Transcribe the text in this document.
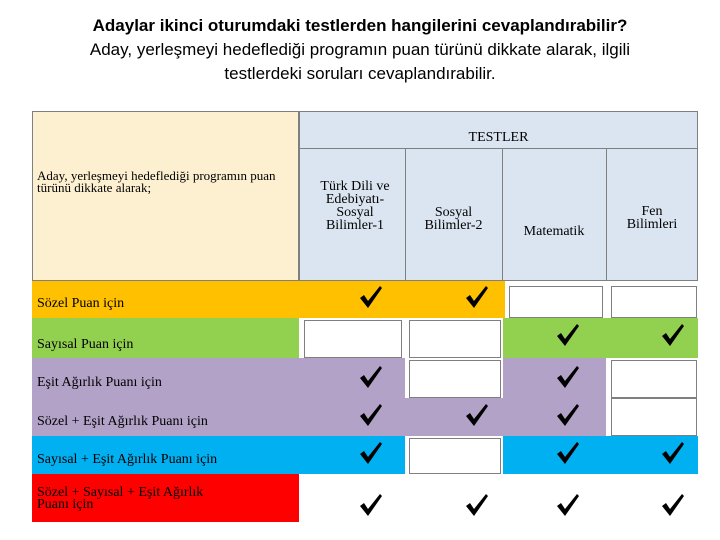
Adaylar ikinci oturumdaki testlerden hangilerini cevaplandırabilir?
Aday, yerleşmeyi hedeflediği programın puan türünü dikkate alarak, ilgili
testlerdeki soruları cevaplandırabilir.
Aday, yerleşmeyi hedeflediği programın puan türünü dikkate alarak;
TESTLER
Türk Dili ve
Edebiyatı-
Sosyal
Bilimler-1
Sosyal
Bilimler-2	Matematik
Fen
Bilimleri
Sözel Puan için
Sayısal Puan için
Eşit Ağırlık Puanı için
Sözel + Eşit Ağırlık Puanı için
Sayısal + Eşit Ağırlık Puanı için
Sözel + Sayısal + Eşit Ağırlık
Puanı için
